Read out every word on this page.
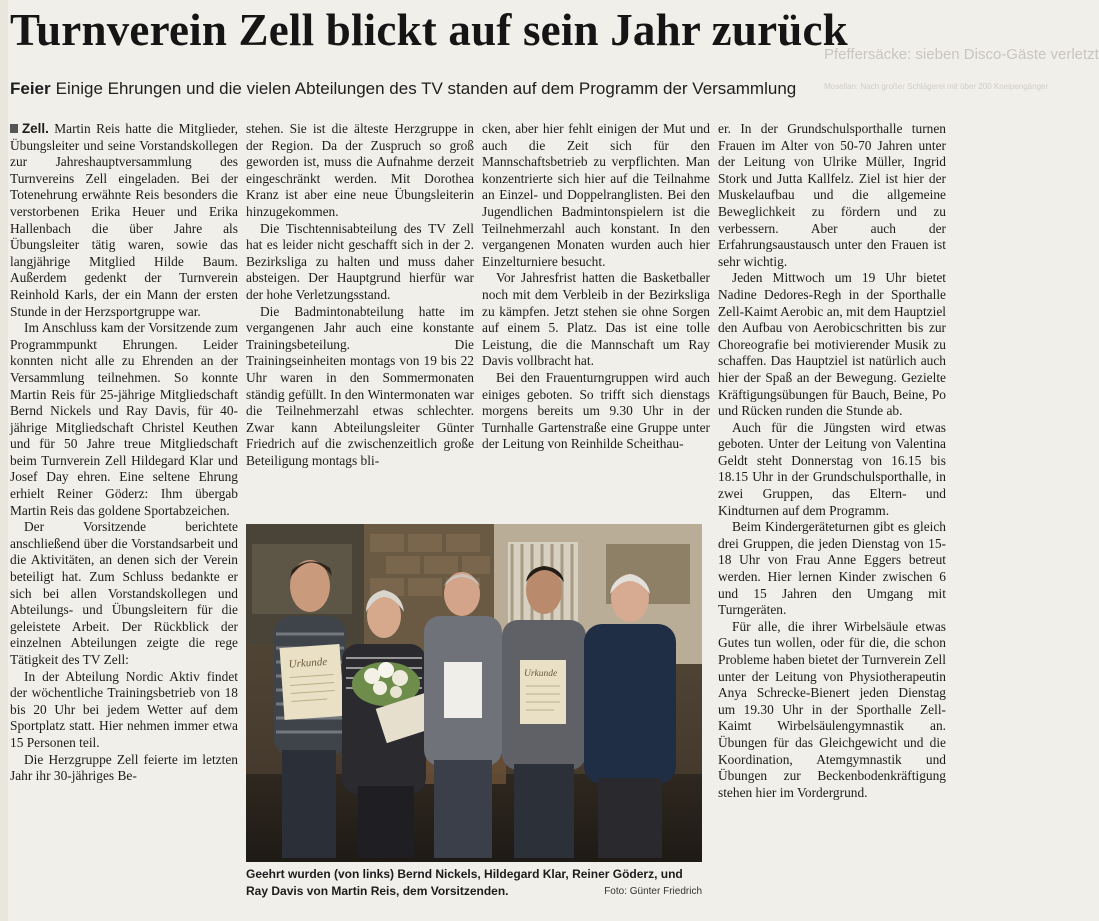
Pfeffersäcke: sieben Disco-Gäste verletzt
Mosellan: Nach großer Schlägerei mit über 200 Kneipengänger
Turnverein Zell blickt auf sein Jahr zurück

Feier Einige Ehrungen und die vielen Abteilungen des TV standen auf dem Programm der Versammlung

Zell. Martin Reis hatte die Mitglieder, Übungsleiter und seine Vorstandskollegen zur Jahreshauptversammlung des Turnvereins Zell eingeladen. Bei der Totenehrung erwähnte Reis besonders die verstorbenen Erika Heuer und Erika Hallenbach die über Jahre als Übungsleiter tätig waren, sowie das langjährige Mitglied Hilde Baum. Außerdem gedenkt der Turnverein Reinhold Karls, der ein Mann der ersten Stunde in der Herzsportgruppe war.

Im Anschluss kam der Vorsitzende zum Programmpunkt Ehrungen. Leider konnten nicht alle zu Ehrenden an der Versammlung teilnehmen. So konnte Martin Reis für 25-jährige Mitgliedschaft Bernd Nickels und Ray Davis, für 40-jährige Mitgliedschaft Christel Keuthen und für 50 Jahre treue Mitgliedschaft beim Turnverein Zell Hildegard Klar und Josef Day ehren. Eine seltene Ehrung erhielt Reiner Göderz: Ihm übergab Martin Reis das goldene Sportabzeichen.

Der Vorsitzende berichtete anschließend über die Vorstandsarbeit und die Aktivitäten, an denen sich der Verein beteiligt hat. Zum Schluss bedankte er sich bei allen Vorstandskollegen und Abteilungs- und Übungsleitern für die geleistete Arbeit. Der Rückblick der einzelnen Abteilungen zeigte die rege Tätigkeit des TV Zell:

In der Abteilung Nordic Aktiv findet der wöchentliche Trainingsbetrieb von 18 bis 20 Uhr bei jedem Wetter auf dem Sportplatz statt. Hier nehmen immer etwa 15 Personen teil.

Die Herzgruppe Zell feierte im letzten Jahr ihr 30-jähriges Be-

stehen. Sie ist die älteste Herzgruppe in der Region. Da der Zuspruch so groß geworden ist, muss die Aufnahme derzeit eingeschränkt werden. Mit Dorothea Kranz ist aber eine neue Übungsleiterin hinzugekommen.

Die Tischtennisabteilung des TV Zell hat es leider nicht geschafft sich in der 2. Bezirksliga zu halten und muss daher absteigen. Der Hauptgrund hierfür war der hohe Verletzungsstand.

Die Badmintonabteilung hatte im vergangenen Jahr auch eine konstante Trainingsbeteilung. Die Trainingseinheiten montags von 19 bis 22 Uhr waren in den Sommermonaten ständig gefüllt. In den Wintermonaten war die Teilnehmerzahl etwas schlechter. Zwar kann Abteilungsleiter Günter Friedrich auf die zwischenzeitlich große Beteiligung montags bli-

cken, aber hier fehlt einigen der Mut und auch die Zeit sich für den Mannschaftsbetrieb zu verpflichten. Man konzentrierte sich hier auf die Teilnahme an Einzel- und Doppelranglisten. Bei den Jugendlichen Badmintonspielern ist die Teilnehmerzahl auch konstant. In den vergangenen Monaten wurden auch hier Einzelturniere besucht.

Vor Jahresfrist hatten die Basketballer noch mit dem Verbleib in der Bezirksliga zu kämpfen. Jetzt stehen sie ohne Sorgen auf einem 5. Platz. Das ist eine tolle Leistung, die die Mannschaft um Ray Davis vollbracht hat.

Bei den Frauenturngruppen wird auch einiges geboten. So trifft sich dienstags morgens bereits um 9.30 Uhr in der Turnhalle Gartenstraße eine Gruppe unter der Leitung von Reinhilde Scheithau-

er. In der Grundschulsporthalle turnen Frauen im Alter von 50-70 Jahren unter der Leitung von Ulrike Müller, Ingrid Stork und Jutta Kallfelz. Ziel ist hier der Muskelaufbau und die allgemeine Beweglichkeit zu fördern und zu verbessern. Aber auch der Erfahrungsaustausch unter den Frauen ist sehr wichtig.

Jeden Mittwoch um 19 Uhr bietet Nadine Dedores-Regh in der Sporthalle Zell-Kaimt Aerobic an, mit dem Hauptziel den Aufbau von Aerobicschritten bis zur Choreografie bei motivierender Musik zu schaffen. Das Hauptziel ist natürlich auch hier der Spaß an der Bewegung. Gezielte Kräftigungsübungen für Bauch, Beine, Po und Rücken runden die Stunde ab.

Auch für die Jüngsten wird etwas geboten. Unter der Leitung von Valentina Geldt steht Donnerstag von 16.15 bis 18.15 Uhr in der Grundschulsporthalle, in zwei Gruppen, das Eltern- und Kindturnen auf dem Programm.

Beim Kindergeräteturnen gibt es gleich drei Gruppen, die jeden Dienstag von 15-18 Uhr von Frau Anne Eggers betreut werden. Hier lernen Kinder zwischen 6 und 15 Jahren den Umgang mit Turngeräten.

Für alle, die ihrer Wirbelsäule etwas Gutes tun wollen, oder für die, die schon Probleme haben bietet der Turnverein Zell unter der Leitung von Physiotherapeutin Anya Schrecke-Bienert jeden Dienstag um 19.30 Uhr in der Sporthalle Zell-Kaimt Wirbelsäulengymnastik an. Übungen für das Gleichgewicht und die Koordination, Atemgymnastik und Übungen zur Beckenbodenkräftigung stehen hier im Vordergrund.

Urkunde
Urkunde
Geehrt wurden (von links) Bernd Nickels, Hildegard Klar, Reiner Göderz, und Ray Davis von Martin Reis, dem Vorsitzenden.	Foto: Günter Friedrich
